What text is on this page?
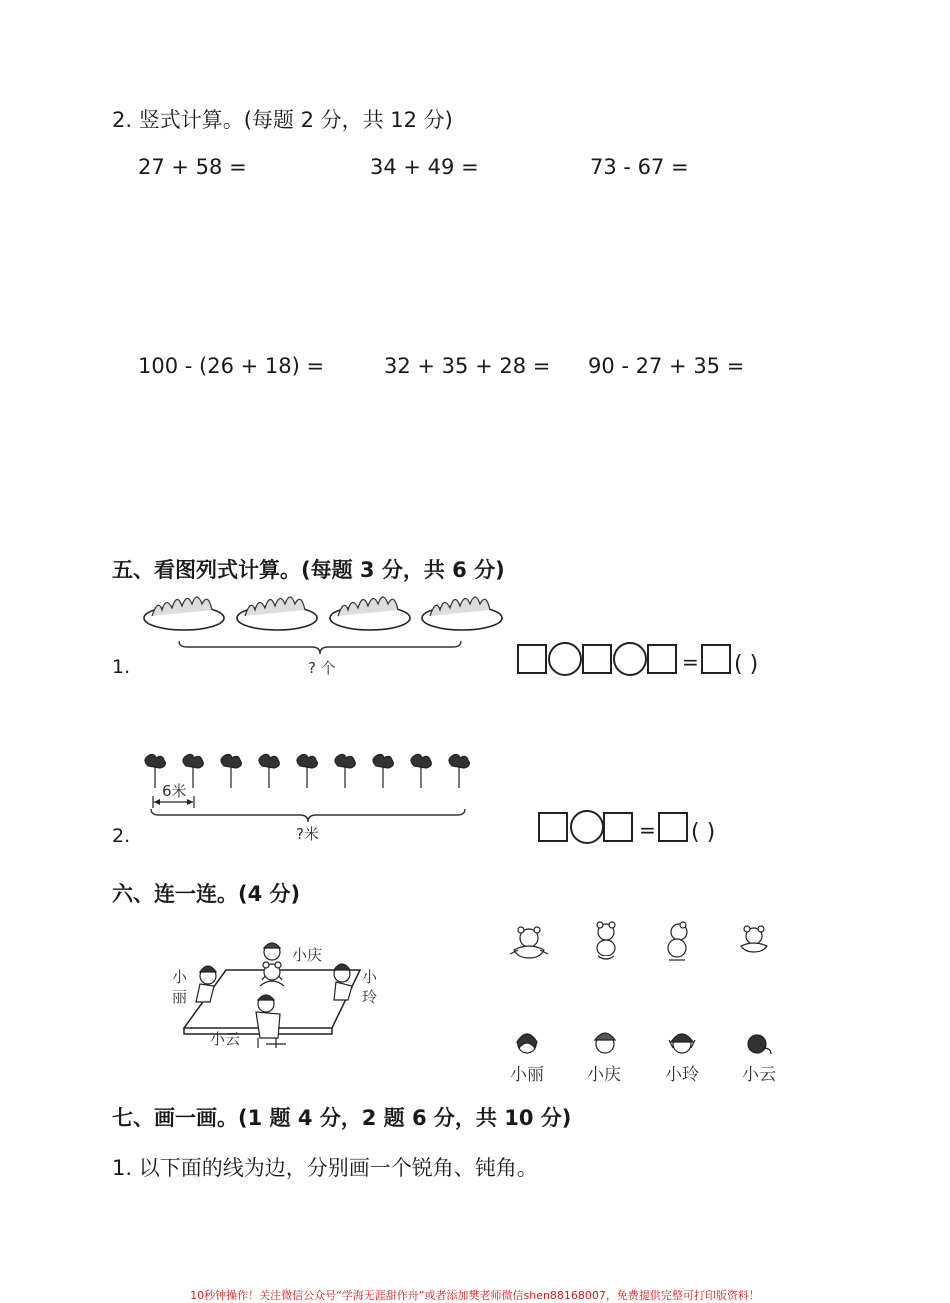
2. 竖式计算。(每题 2 分，共 12 分)
27 + 58 =	34 + 49 =	73 - 67 =
100 - (26 + 18) =	32 + 35 + 28 = 90 - 27 + 35 =
五、看图列式计算。(每题 3 分，共 6 分)
? 个
1.	= ( )
6米
?米
2.	= ( )
六、连一连。(4 分)
小庆
小
丽
小
玲
小云
小丽	小庆	小玲	小云
七、画一画。(1 题 4 分，2 题 6 分，共 10 分)
1. 以下面的线为边，分别画一个锐角、钝角。
10秒钟操作！关注微信公众号“学海无涯甜作舟”或者添加樊老师微信shen88168007，免费提供完整可打印版资料！
